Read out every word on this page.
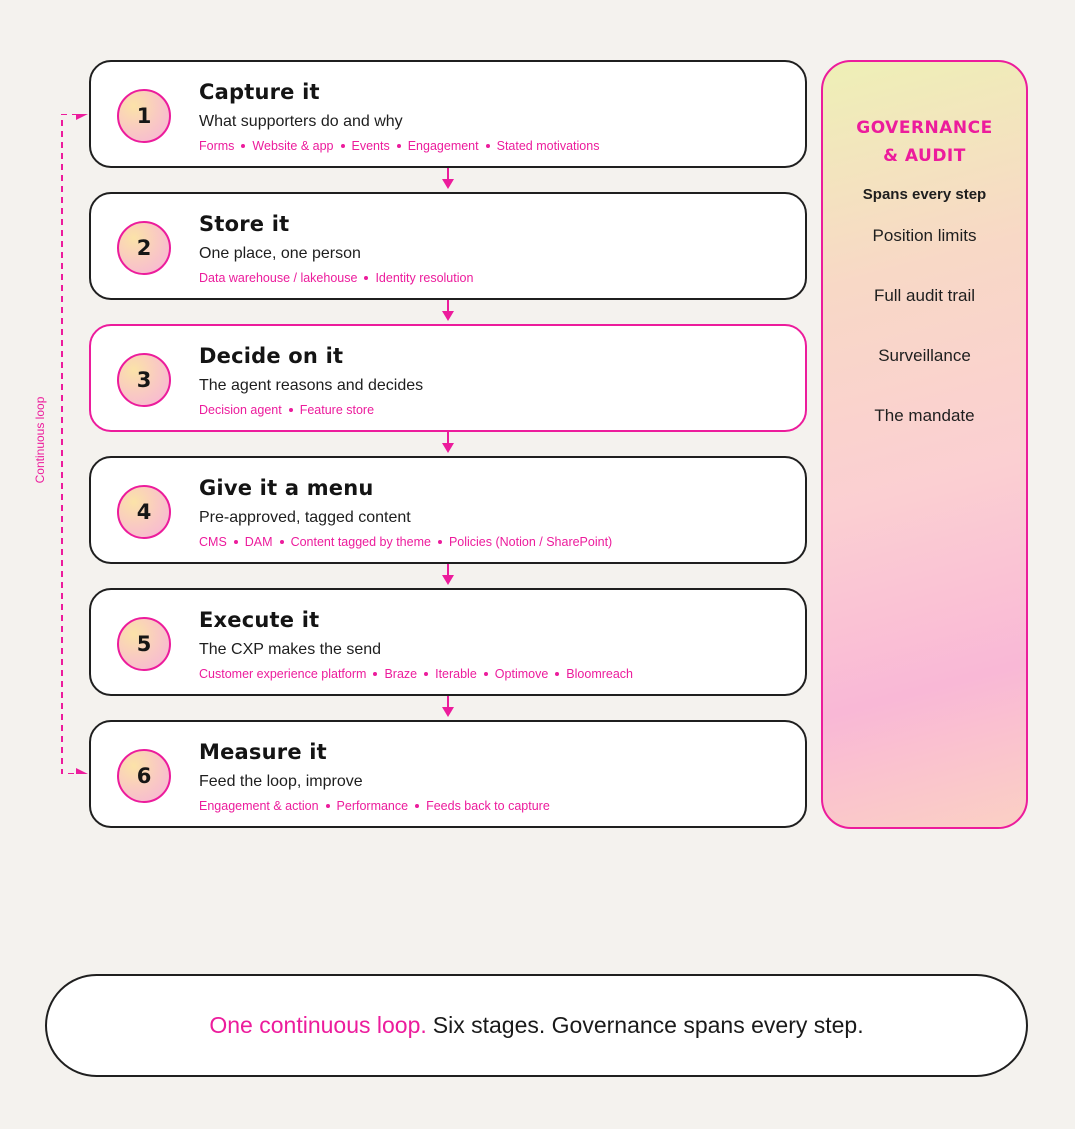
1
Capture it
What supporters do and why
Forms Website & app Events Engagement Stated motivations
2
Store it
One place, one person
Data warehouse / lakehouse Identity resolution
3
Decide on it
The agent reasons and decides
Decision agent Feature store
4
Give it a menu
Pre-approved, tagged content
CMS DAM Content tagged by theme Policies (Notion / SharePoint)
5
Execute it
The CXP makes the send
Customer experience platform Braze Iterable Optimove Bloomreach
6
Measure it
Feed the loop, improve
Engagement & action Performance Feeds back to capture
Continuous loop
GOVERNANCE
& AUDIT
Spans every step
Position limits
Full audit trail
Surveillance
The mandate
One continuous loop. Six stages. Governance spans every step.
